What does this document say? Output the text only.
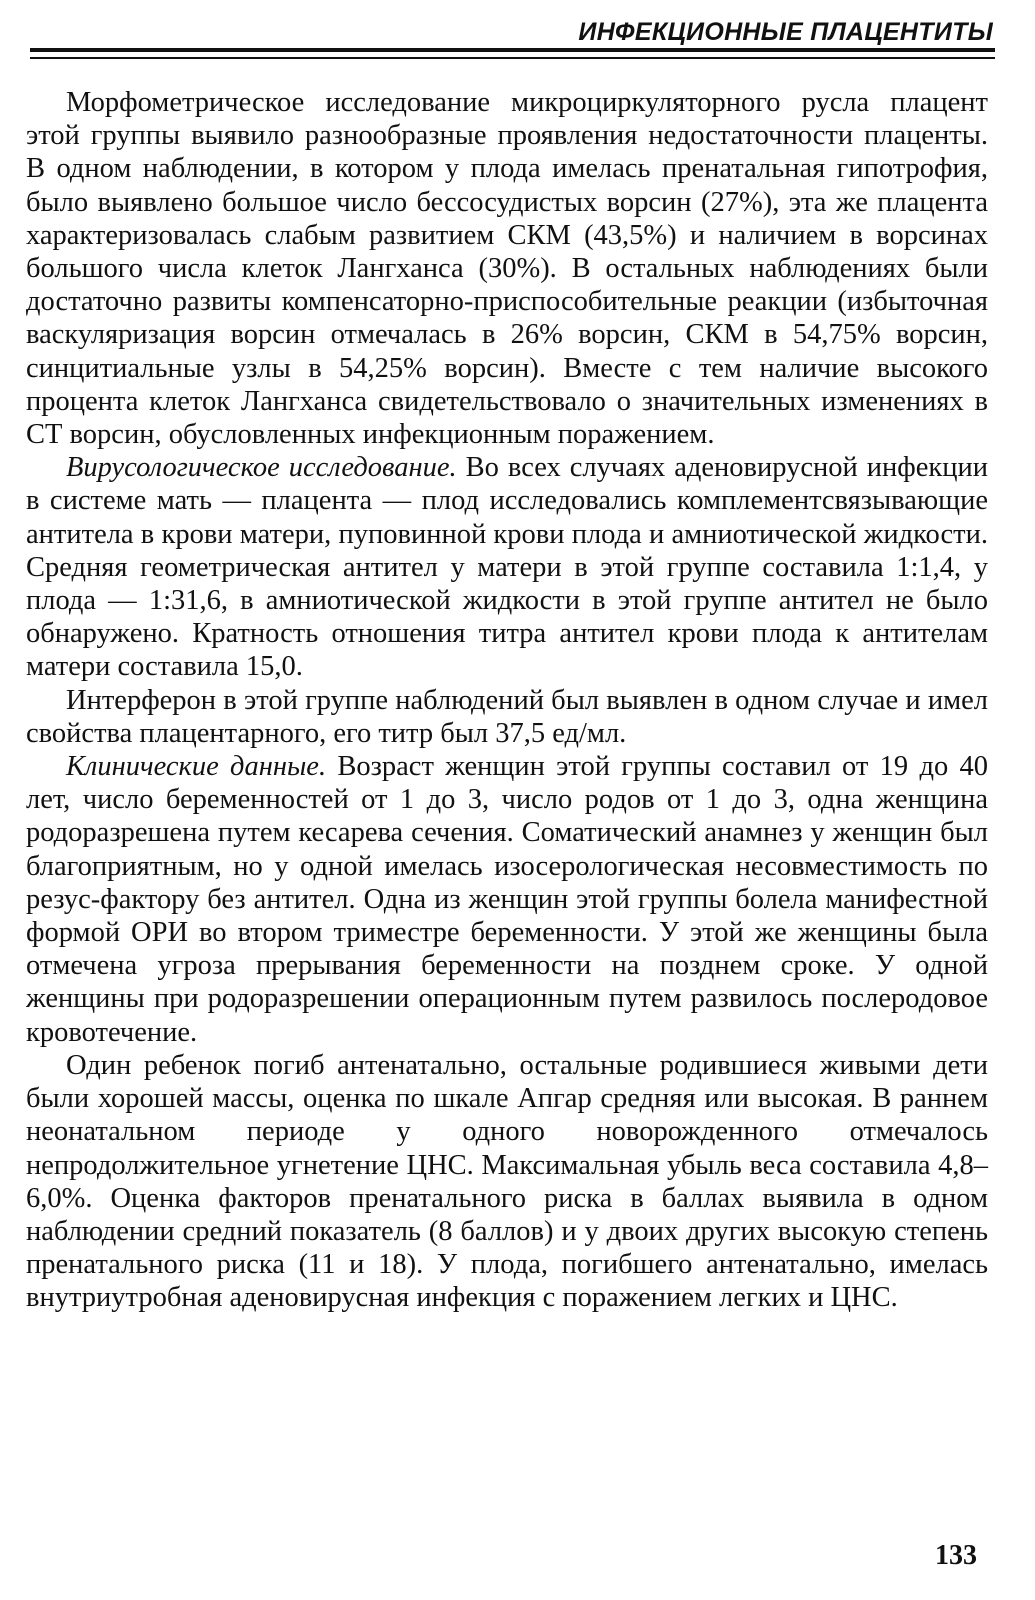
ИНФЕКЦИОННЫЕ ПЛАЦЕНТИТЫ

Морфометрическое исследование микроциркуляторного русла плацент этой группы выявило разнообразные проявления недостаточности плаценты. В одном наблюдении, в котором у плода имелась пренатальная гипотрофия, было выявлено большое число бессосудистых ворсин (27%), эта же плацента характеризовалась слабым развитием СКМ (43,5%) и наличием в ворсинах большого числа клеток Лангханса (30%). В остальных наблюдениях были достаточно развиты компенсаторно-приспособительные реакции (избыточная васкуляризация ворсин отмечалась в 26% ворсин, СКМ в 54,75% ворсин, синцитиальные узлы в 54,25% ворсин). Вместе с тем наличие высокого процента клеток Лангханса свидетельствовало о значительных изменениях в СТ ворсин, обусловленных инфекционным поражением.

Вирусологическое исследование. Во всех случаях аденовирусной инфекции в системе мать — плацента — плод исследовались комплементсвязывающие антитела в крови матери, пуповинной крови плода и амниотической жидкости. Средняя геометрическая антител у матери в этой группе составила 1:1,4, у плода — 1:31,6, в амниотической жидкости в этой группе антител не было обнаружено. Кратность отношения титра антител крови плода к антителам матери составила 15,0.

Интерферон в этой группе наблюдений был выявлен в одном случае и имел свойства плацентарного, его титр был 37,5 ед/мл.

Клинические данные. Возраст женщин этой группы составил от 19 до 40 лет, число беременностей от 1 до 3, число родов от 1 до 3, одна женщина родоразрешена путем кесарева сечения. Соматический анамнез у женщин был благоприятным, но у одной имелась изосерологическая несовместимость по резус-фактору без антител. Одна из женщин этой группы болела манифестной формой ОРИ во втором триместре беременности. У этой же женщины была отмечена угроза прерывания беременности на позднем сроке. У одной женщины при родоразрешении операционным путем развилось послеродовое кровотечение.

Один ребенок погиб антенатально, остальные родившиеся живыми дети были хорошей массы, оценка по шкале Апгар средняя или высокая. В раннем неонатальном периоде у одного новорожденного отмечалось непродолжительное угнетение ЦНС. Максимальная убыль веса составила 4,8–6,0%. Оценка факторов пренатального риска в баллах выявила в одном наблюдении средний показатель (8 баллов) и у двоих других высокую степень пренатального риска (11 и 18). У плода, погибшего антенатально, имелась внутриутробная аденовирусная инфекция с поражением легких и ЦНС.

133
